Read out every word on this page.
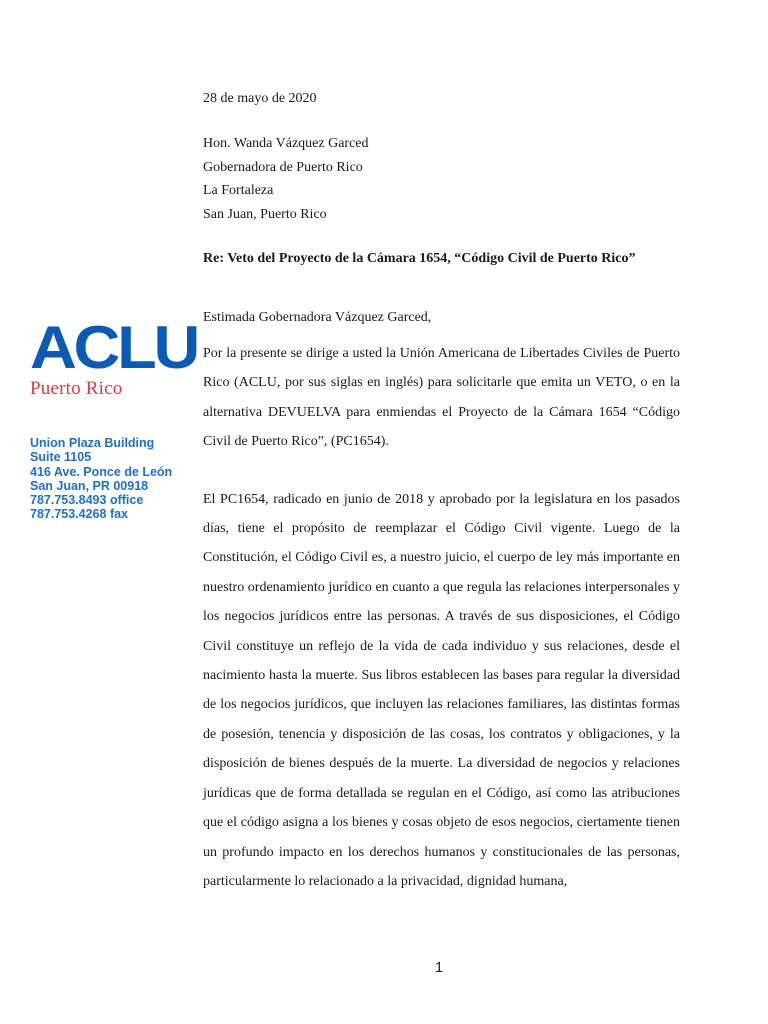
ACLU
Puerto Rico
Union Plaza Building
Suite 1105
416 Ave. Ponce de León
San Juan, PR 00918
787.753.8493 office
787.753.4268 fax

28 de mayo de 2020

Hon. Wanda Vázquez Garced
Gobernadora de Puerto Rico
La Fortaleza
San Juan, Puerto Rico
Re: Veto del Proyecto de la Cámara 1654, “Código Civil de Puerto Rico”
Estimada Gobernadora Vázquez Garced,

Por la presente se dirige a usted la Unión Americana de Libertades Civiles de Puerto Rico (ACLU, por sus siglas en inglés) para solicitarle que emita un VETO, o en la alternativa DEVUELVA para enmiendas el Proyecto de la Cámara 1654 “Código Civil de Puerto Rico”, (PC1654).

El PC1654, radicado en junio de 2018 y aprobado por la legislatura en los pasados días, tiene el propósito de reemplazar el Código Civil vigente. Luego de la Constitución, el Código Civil es, a nuestro juicio, el cuerpo de ley más importante en nuestro ordenamiento jurídico en cuanto a que regula las relaciones interpersonales y los negocios jurídicos entre las personas. A través de sus disposiciones, el Código Civil constituye un reflejo de la vida de cada individuo y sus relaciones, desde el nacimiento hasta la muerte. Sus libros establecen las bases para regular la diversidad de los negocios jurídicos, que incluyen las relaciones familiares, las distintas formas de posesión, tenencia y disposición de las cosas, los contratos y obligaciones, y la disposición de bienes después de la muerte. La diversidad de negocios y relaciones jurídicas que de forma detallada se regulan en el Código, así como las atribuciones que el código asigna a los bienes y cosas objeto de esos negocios, ciertamente tienen un profundo impacto en los derechos humanos y constitucionales de las personas, particularmente lo relacionado a la privacidad, dignidad humana,

1
